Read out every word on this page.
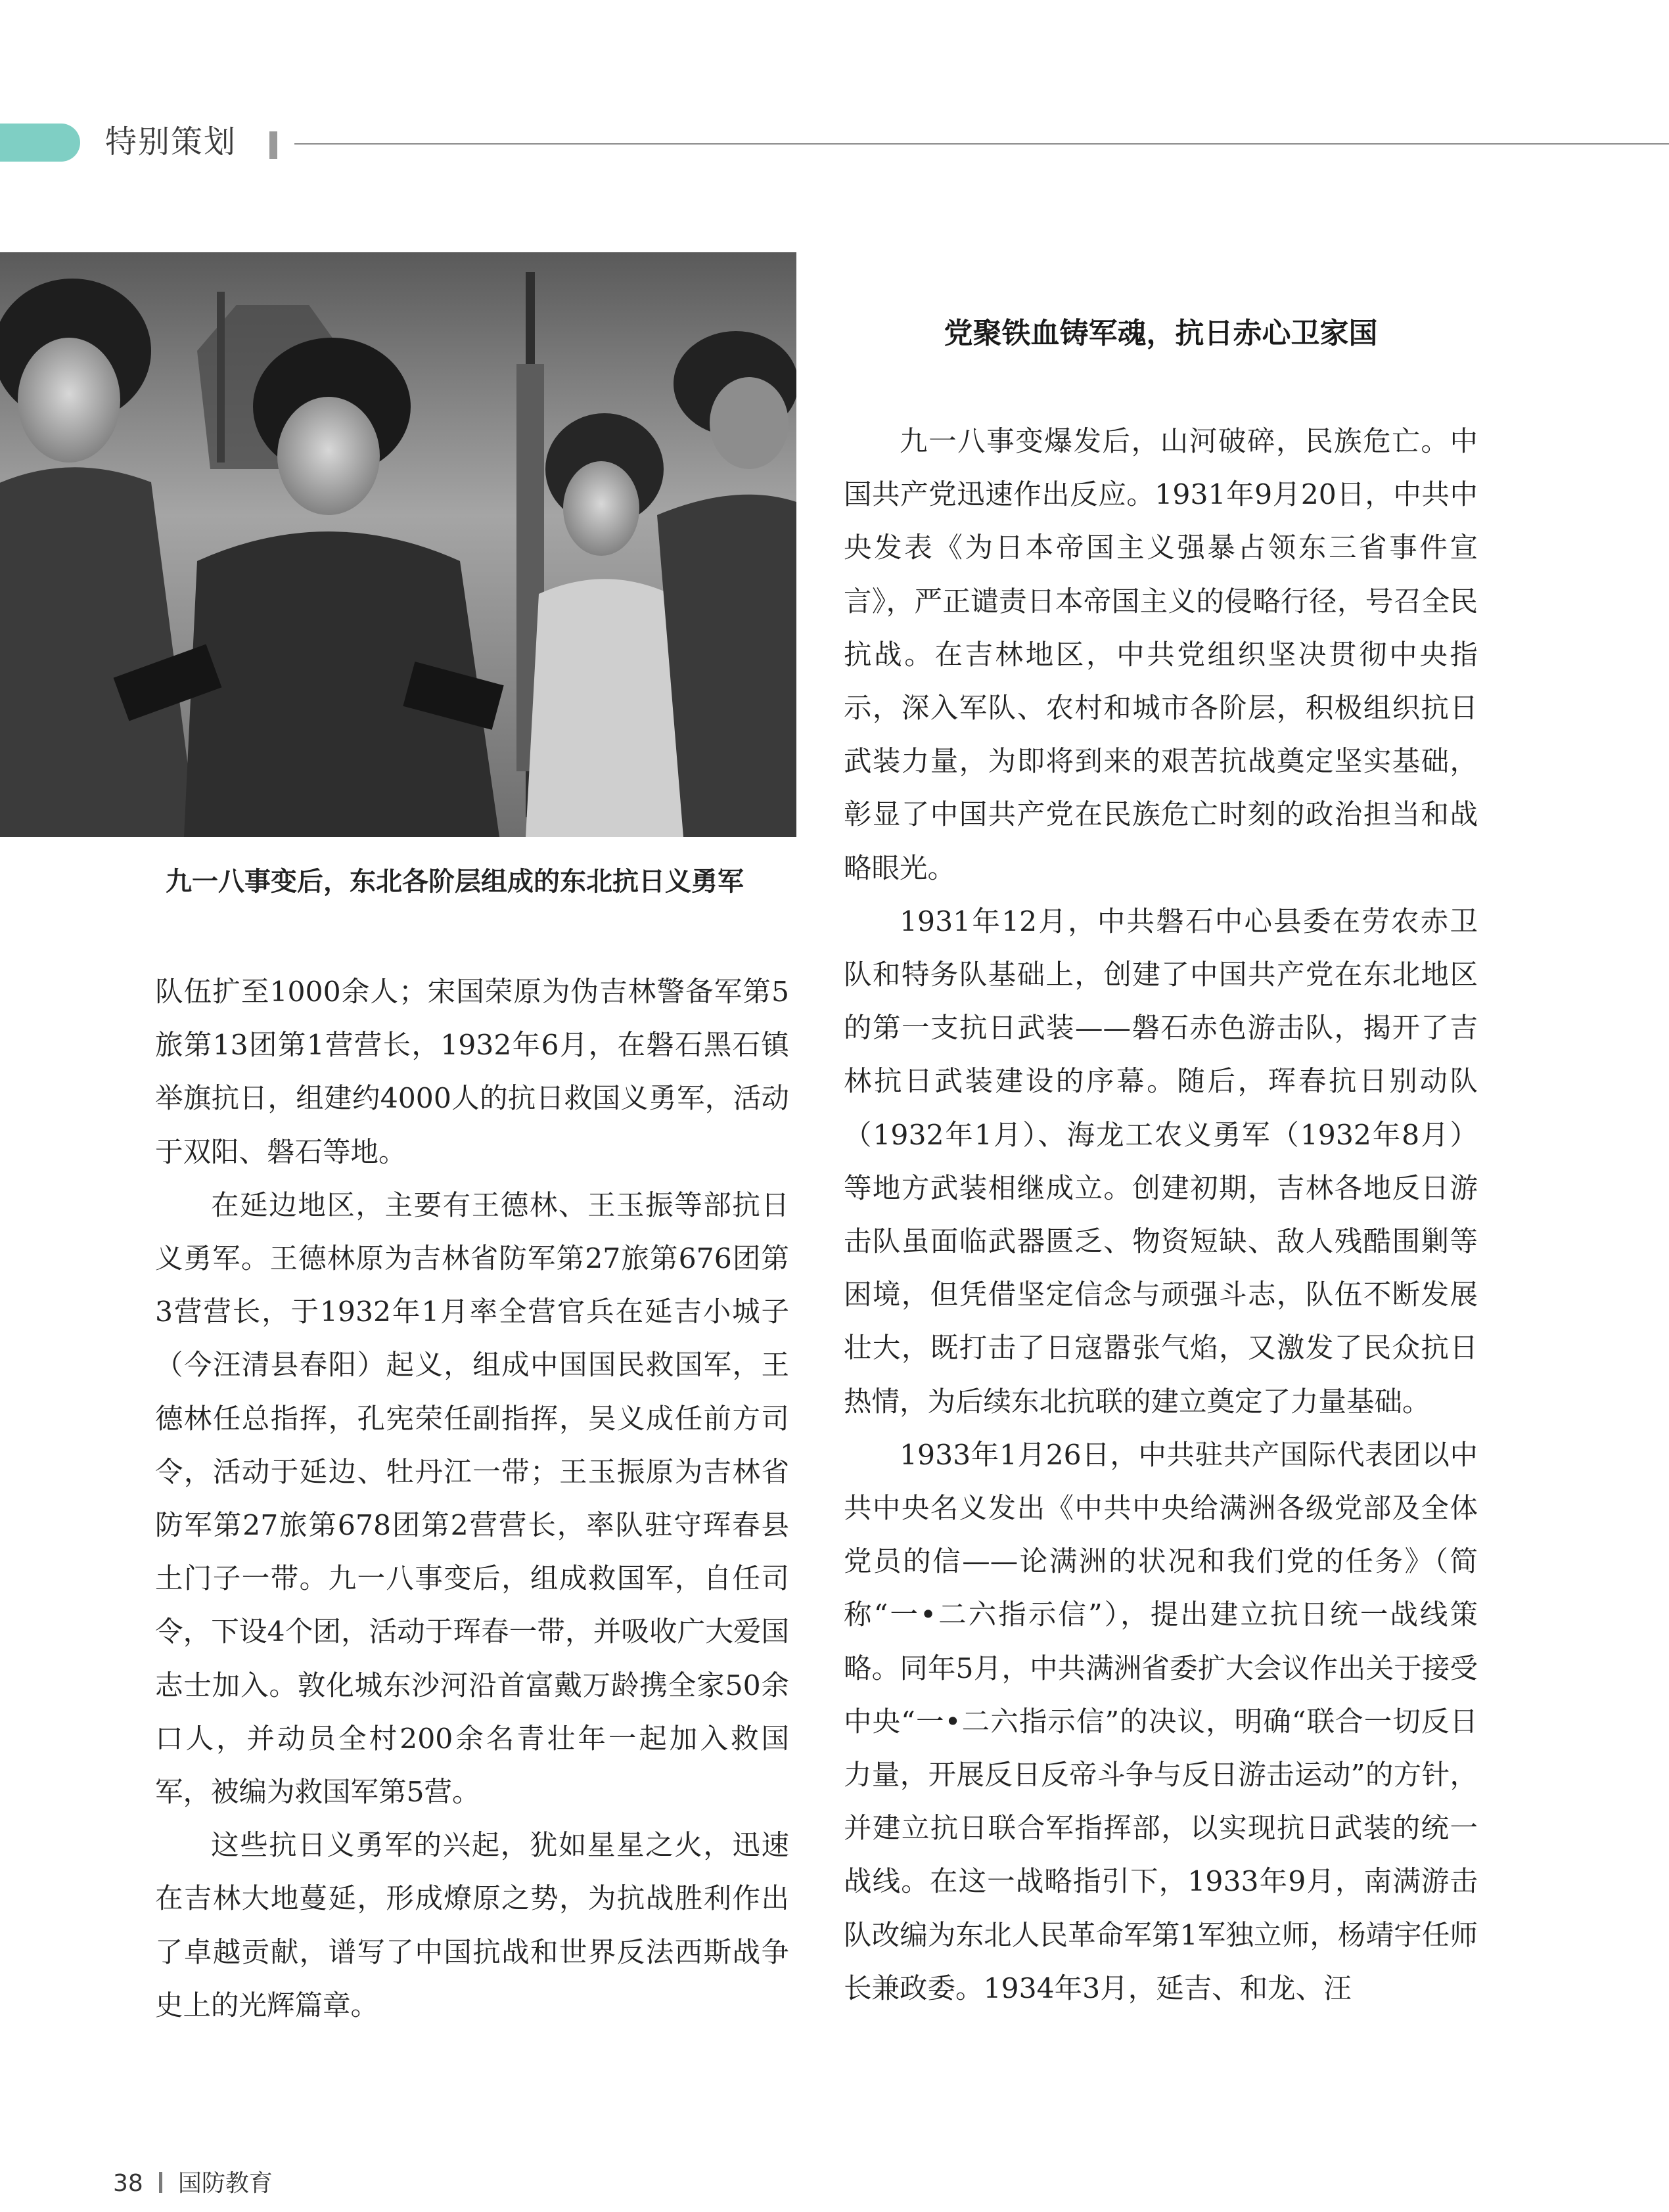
特别策划
九一八事变后，东北各阶层组成的东北抗日义勇军

队伍扩至1000余人；宋国荣原为伪吉林警备军第5旅第13团第1营营长，1932年6月，在磐石黑石镇举旗抗日，组建约4000人的抗日救国义勇军，活动于双阳、磐石等地。

在延边地区，主要有王德林、王玉振等部抗日义勇军。王德林原为吉林省防军第27旅第676团第3营营长，于1932年1月率全营官兵在延吉小城子（今汪清县春阳）起义，组成中国国民救国军，王德林任总指挥，孔宪荣任副指挥，吴义成任前方司令，活动于延边、牡丹江一带；王玉振原为吉林省防军第27旅第678团第2营营长，率队驻守珲春县土门子一带。九一八事变后，组成救国军，自任司令，下设4个团，活动于珲春一带，并吸收广大爱国志士加入。敦化城东沙河沿首富戴万龄携全家50余口人，并动员全村200余名青壮年一起加入救国军，被编为救国军第5营。

这些抗日义勇军的兴起，犹如星星之火，迅速在吉林大地蔓延，形成燎原之势，为抗战胜利作出了卓越贡献，谱写了中国抗战和世界反法西斯战争史上的光辉篇章。

党聚铁血铸军魂，抗日赤心卫家国

九一八事变爆发后，山河破碎，民族危亡。中国共产党迅速作出反应。1931年9月20日，中共中央发表《为日本帝国主义强暴占领东三省事件宣言》，严正谴责日本帝国主义的侵略行径，号召全民抗战。在吉林地区，中共党组织坚决贯彻中央指示，深入军队、农村和城市各阶层，积极组织抗日武装力量，为即将到来的艰苦抗战奠定坚实基础，彰显了中国共产党在民族危亡时刻的政治担当和战略眼光。

1931年12月，中共磐石中心县委在劳农赤卫队和特务队基础上，创建了中国共产党在东北地区的第一支抗日武装——磐石赤色游击队，揭开了吉林抗日武装建设的序幕。随后，珲春抗日别动队（1932年1月）、海龙工农义勇军（1932年8月）等地方武装相继成立。创建初期，吉林各地反日游击队虽面临武器匮乏、物资短缺、敌人残酷围剿等困境，但凭借坚定信念与顽强斗志，队伍不断发展壮大，既打击了日寇嚣张气焰，又激发了民众抗日热情，为后续东北抗联的建立奠定了力量基础。

1933年1月26日，中共驻共产国际代表团以中共中央名义发出《中共中央给满洲各级党部及全体党员的信——论满洲的状况和我们党的任务》（简称“一•二六指示信”），提出建立抗日统一战线策略。同年5月，中共满洲省委扩大会议作出关于接受中央“一•二六指示信”的决议，明确“联合一切反日力量，开展反日反帝斗争与反日游击运动”的方针，并建立抗日联合军指挥部，以实现抗日武装的统一战线。在这一战略指引下，1933年9月，南满游击队改编为东北人民革命军第1军独立师，杨靖宇任师长兼政委。1934年3月，延吉、和龙、汪

38 国防教育
